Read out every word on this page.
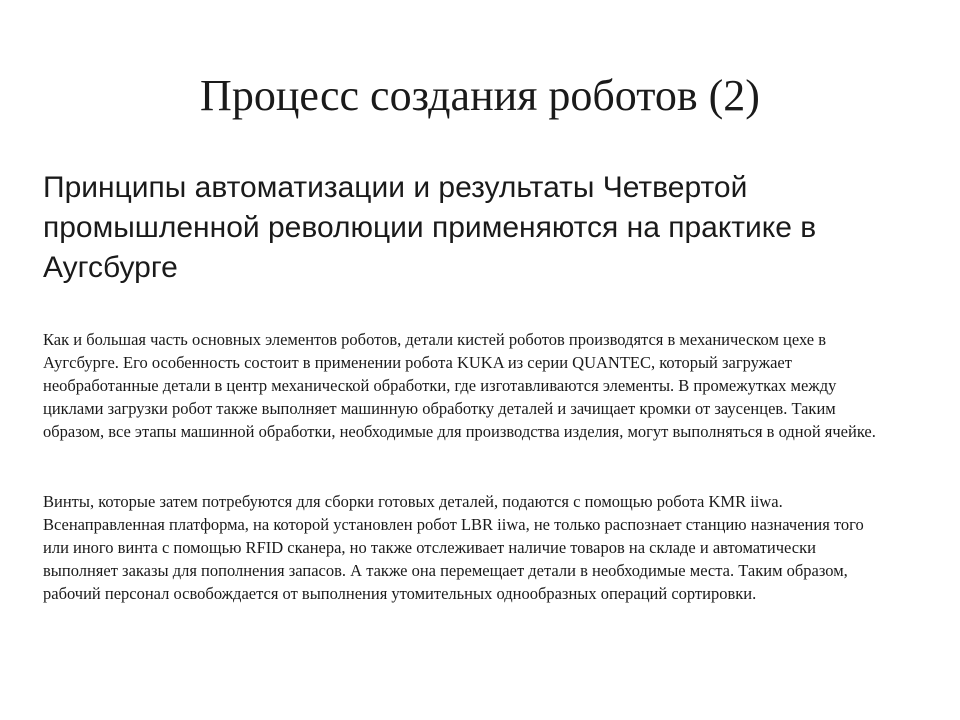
Процесс создания роботов (2)
Принципы автоматизации и результаты Четвертой промышленной революции применяются на практике в Аугсбурге

Как и большая часть основных элементов роботов, детали кистей роботов производятся в механическом цехе в Аугсбурге. Его особенность состоит в применении робота KUKA из серии QUANTEC, который загружает необработанные детали в центр механической обработки, где изготавливаются элементы. В промежутках между циклами загрузки робот также выполняет машинную обработку деталей и зачищает кромки от заусенцев. Таким образом, все этапы машинной обработки, необходимые для производства изделия, могут выполняться в одной ячейке.

Винты, которые затем потребуются для сборки готовых деталей, подаются с помощью робота KMR iiwa. Всенаправленная платформа, на которой установлен робот LBR iiwa, не только распознает станцию назначения того или иного винта с помощью RFID сканера, но также отслеживает наличие товаров на складе и автоматически выполняет заказы для пополнения запасов. А также она перемещает детали в необходимые места. Таким образом, рабочий персонал освобождается от выполнения утомительных однообразных операций сортировки.
